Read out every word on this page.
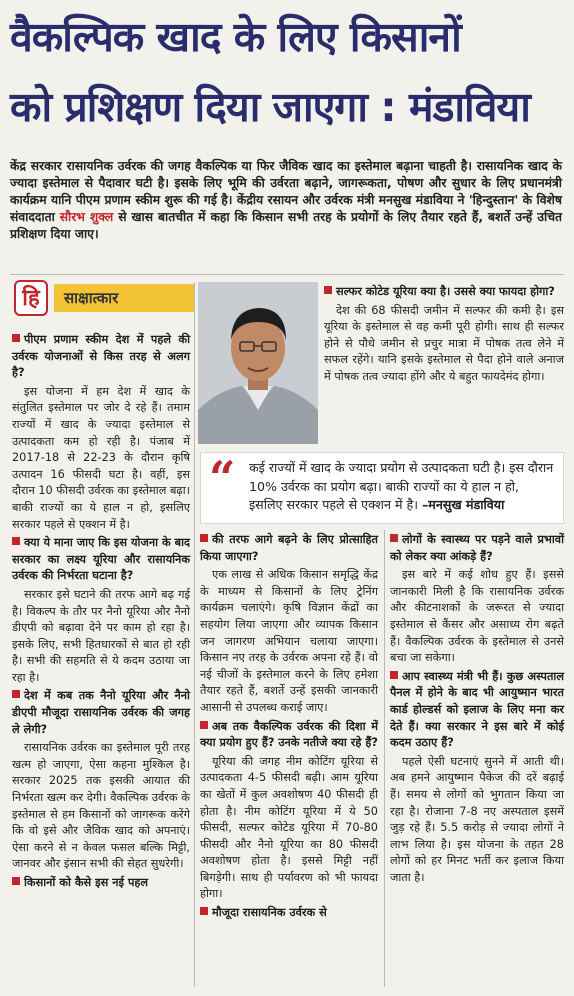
वैकल्पिक खाद के लिए किसानों
को प्रशिक्षण दिया जाएगा : मंडाविया
केंद्र सरकार रासायनिक उर्वरक की जगह वैकल्पिक या फिर जैविक खाद का इस्तेमाल बढ़ाना चाहती है। रासायनिक खाद के ज्यादा इस्तेमाल से पैदावार घटी है। इसके लिए भूमि की उर्वरता बढ़ाने, जागरूकता, पोषण और सुधार के लिए प्रधानमंत्री कार्यक्रम यानि पीएम प्रणाम स्कीम शुरू की गई है। केंद्रीय रसायन और उर्वरक मंत्री मनसुख मंडाविया ने 'हिन्दुस्तान' के विशेष संवाददाता सौरभ शुक्ल से खास बातचीत में कहा कि किसान सभी तरह के प्रयोगों के लिए तैयार रहते हैं, बशर्ते उन्हें उचित प्रशिक्षण दिया जाए।
हि	साक्षात्कार	सल्फर कोटेड यूरिया क्या है। उससे क्या फायदा होगा?

देश की 68 फीसदी जमीन में सल्फर की कमी है। इस यूरिया के इस्तेमाल से वह कमी पूरी होगी। साथ ही सल्फर होने से पौधे जमीन से प्रचुर मात्रा में पोषक तत्व लेने में सफल रहेंगे। यानि इसके इस्तेमाल से पैदा होने वाले अनाज में पोषक तत्व ज्यादा होंगे और ये बहुत फायदेमंद होगा।

“ कई राज्यों में खाद के ज्यादा प्रयोग से उत्पादकता घटी है। इस दौरान 10% उर्वरक का प्रयोग बढ़ा। बाकी राज्यों का ये हाल न हो, इसलिए सरकार पहले से एक्शन में है। –मनसुख मंडाविया
पीएम प्रणाम स्कीम देश में पहले की उर्वरक योजनाओं से किस तरह से अलग है?

इस योजना में हम देश में खाद के संतुलित इस्तेमाल पर जोर दे रहे हैं। तमाम राज्यों में खाद के ज्यादा इस्तेमाल से उत्पादकता कम हो रही है। पंजाब में 2017-18 से 22-23 के दौरान कृषि उत्पादन 16 फीसदी घटा है। वहीं, इस दौरान 10 फीसदी उर्वरक का इस्तेमाल बढ़ा। बाकी राज्यों का ये हाल न हो, इसलिए सरकार पहले से एक्शन में है।

क्या ये माना जाए कि इस योजना के बाद सरकार का लक्ष्य यूरिया और रासायनिक उर्वरक की निर्भरता घटाना है?

सरकार इसे घटाने की तरफ आगे बढ़ गई है। विकल्प के तौर पर नैनो यूरिया और नैनो डीएपी को बढ़ावा देने पर काम हो रहा है। इसके लिए, सभी हितधारकों से बात हो रही है। सभी की सहमति से ये कदम उठाया जा रहा है।

देश में कब तक नैनो यूरिया और नैनो डीएपी मौजूदा रासायनिक उर्वरक की जगह ले लेगी?

रासायनिक उर्वरक का इस्तेमाल पूरी तरह खत्म हो जाएगा, ऐसा कहना मुश्किल है। सरकार 2025 तक इसकी आयात की निर्भरता खत्म कर देगी। वैकल्पिक उर्वरक के इस्तेमाल से हम किसानों को जागरूक करेंगे कि वो इसे और जैविक खाद को अपनाएं। ऐसा करने से न केवल फसल बल्कि मिट्टी, जानवर और इंसान सभी की सेहत सुधरेगी।

किसानों को कैसे इस नई पहल
की तरफ आगे बढ़ने के लिए प्रोत्साहित किया जाएगा?

एक लाख से अधिक किसान समृद्धि केंद्र के माध्यम से किसानों के लिए ट्रेनिंग कार्यक्रम चलाएंगे। कृषि विज्ञान केंद्रों का सहयोग लिया जाएगा और व्यापक किसान जन जागरण अभियान चलाया जाएगा। किसान नए तरह के उर्वरक अपना रहे हैं। वो नई चीजों के इस्तेमाल करने के लिए हमेशा तैयार रहते हैं, बशर्ते उन्हें इसकी जानकारी आसानी से उपलब्ध कराई जाए।

अब तक वैकल्पिक उर्वरक की दिशा में क्या प्रयोग हुए हैं? उनके नतीजे क्या रहे हैं?

यूरिया की जगह नीम कोटिंग यूरिया से उत्पादकता 4-5 फीसदी बढ़ी। आम यूरिया का खेतों में कुल अवशोषण 40 फीसदी ही होता है। नीम कोटिंग यूरिया में ये 50 फीसदी, सल्फर कोटेड यूरिया में 70-80 फीसदी और नैनो यूरिया का 80 फीसदी अवशोषण होता है। इससे मिट्टी नहीं बिगड़ेगी। साथ ही पर्यावरण को भी फायदा होगा।

मौजूदा रासायनिक उर्वरक से
लोगों के स्वास्थ्य पर पड़ने वाले प्रभावों को लेकर क्या आंकड़े हैं?

इस बारे में कई शोध हुए हैं। इससे जानकारी मिली है कि रासायनिक उर्वरक और कीटनाशकों के जरूरत से ज्यादा इस्तेमाल से कैंसर और असाध्य रोग बढ़ते हैं। वैकल्पिक उर्वरक के इस्तेमाल से उनसे बचा जा सकेगा।

आप स्वास्थ्य मंत्री भी हैं। कुछ अस्पताल पैनल में होने के बाद भी आयुष्मान भारत कार्ड होल्डर्स को इलाज के लिए मना कर देते हैं। क्या सरकार ने इस बारे में कोई कदम उठाए हैं?

पहले ऐसी घटनाएं सुनने में आती थी। अब हमने आयुष्मान पैकेज की दरें बढ़ाई हैं। समय से लोगों को भुगतान किया जा रहा है। रोजाना 7-8 नए अस्पताल इसमें जुड़ रहे हैं। 5.5 करोड़ से ज्यादा लोगों ने लाभ लिया है। इस योजना के तहत 28 लोगों को हर मिनट भर्ती कर इलाज किया जाता है।
